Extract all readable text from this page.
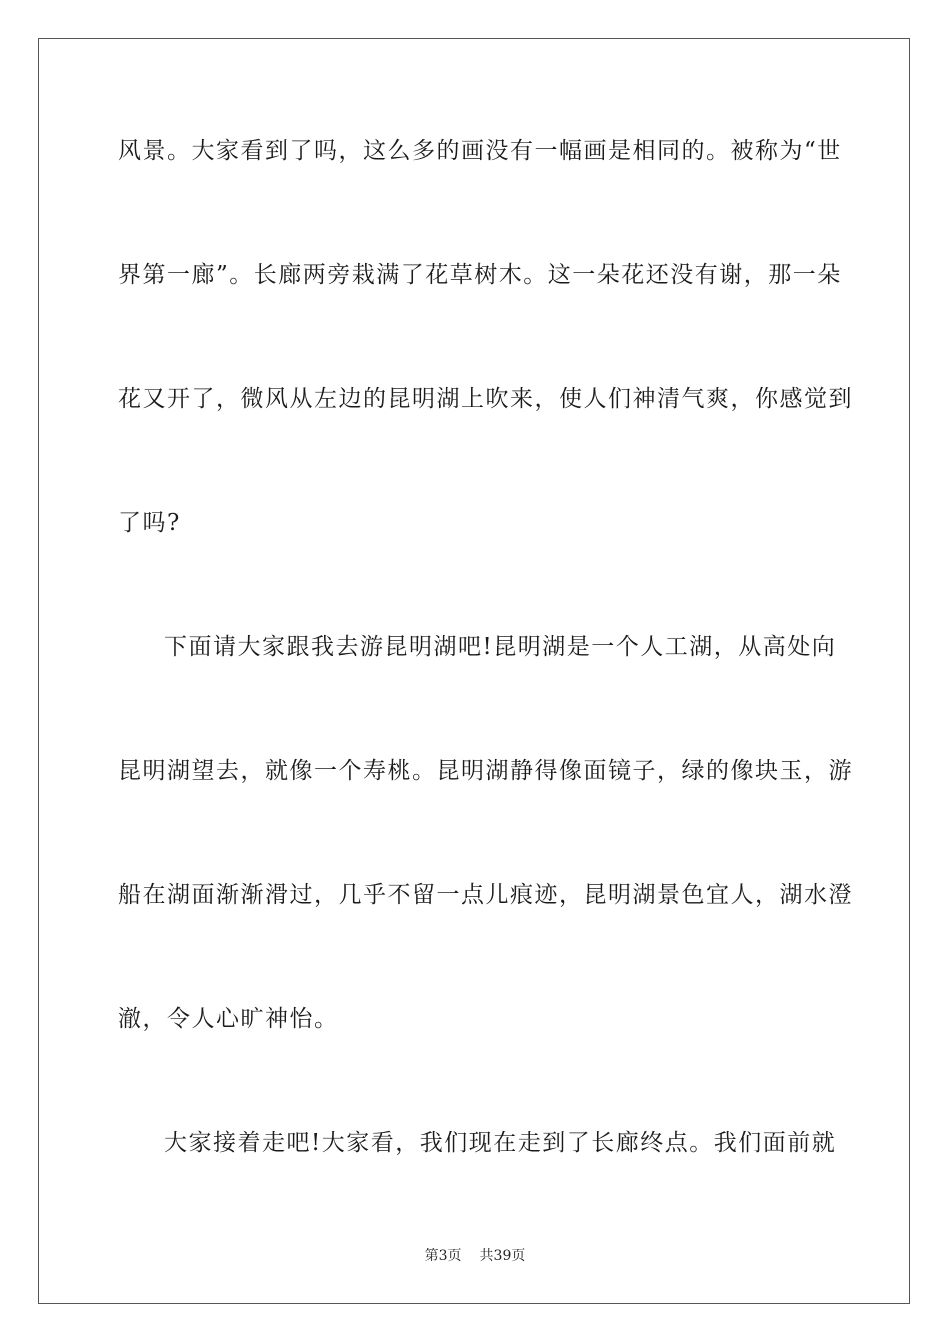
风景。大家看到了吗，这么多的画没有一幅画是相同的。被称为“世
界第一廊”。长廊两旁栽满了花草树木。这一朵花还没有谢，那一朵
花又开了，微风从左边的昆明湖上吹来，使人们神清气爽，你感觉到
了吗?
下面请大家跟我去游昆明湖吧!昆明湖是一个人工湖，从高处向
昆明湖望去，就像一个寿桃。昆明湖静得像面镜子，绿的像块玉，游
船在湖面渐渐滑过，几乎不留一点儿痕迹，昆明湖景色宜人，湖水澄
澈，令人心旷神怡。
大家接着走吧!大家看，我们现在走到了长廊终点。我们面前就
第3页 共39页
